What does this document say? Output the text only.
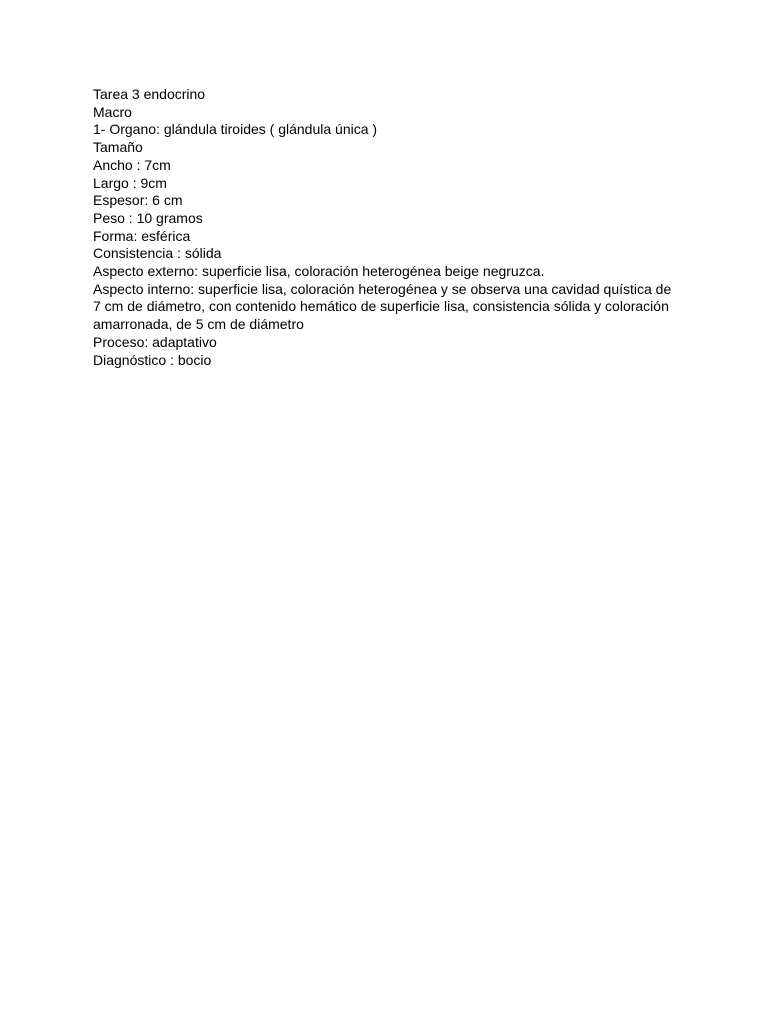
Tarea 3 endocrino
Macro
1- Organo: glándula tiroides ( glándula única )
Tamaño
Ancho : 7cm
Largo : 9cm
Espesor: 6 cm
Peso : 10 gramos
Forma: esférica
Consistencia : sólida
Aspecto externo: superficie lisa, coloración heterogénea beige negruzca.
Aspecto interno: superficie lisa, coloración heterogénea y se observa una cavidad quística de 7 cm de diámetro, con contenido hemático de superficie lisa, consistencia sólida y coloración amarronada, de 5 cm de diámetro
Proceso: adaptativo
Diagnóstico : bocio
